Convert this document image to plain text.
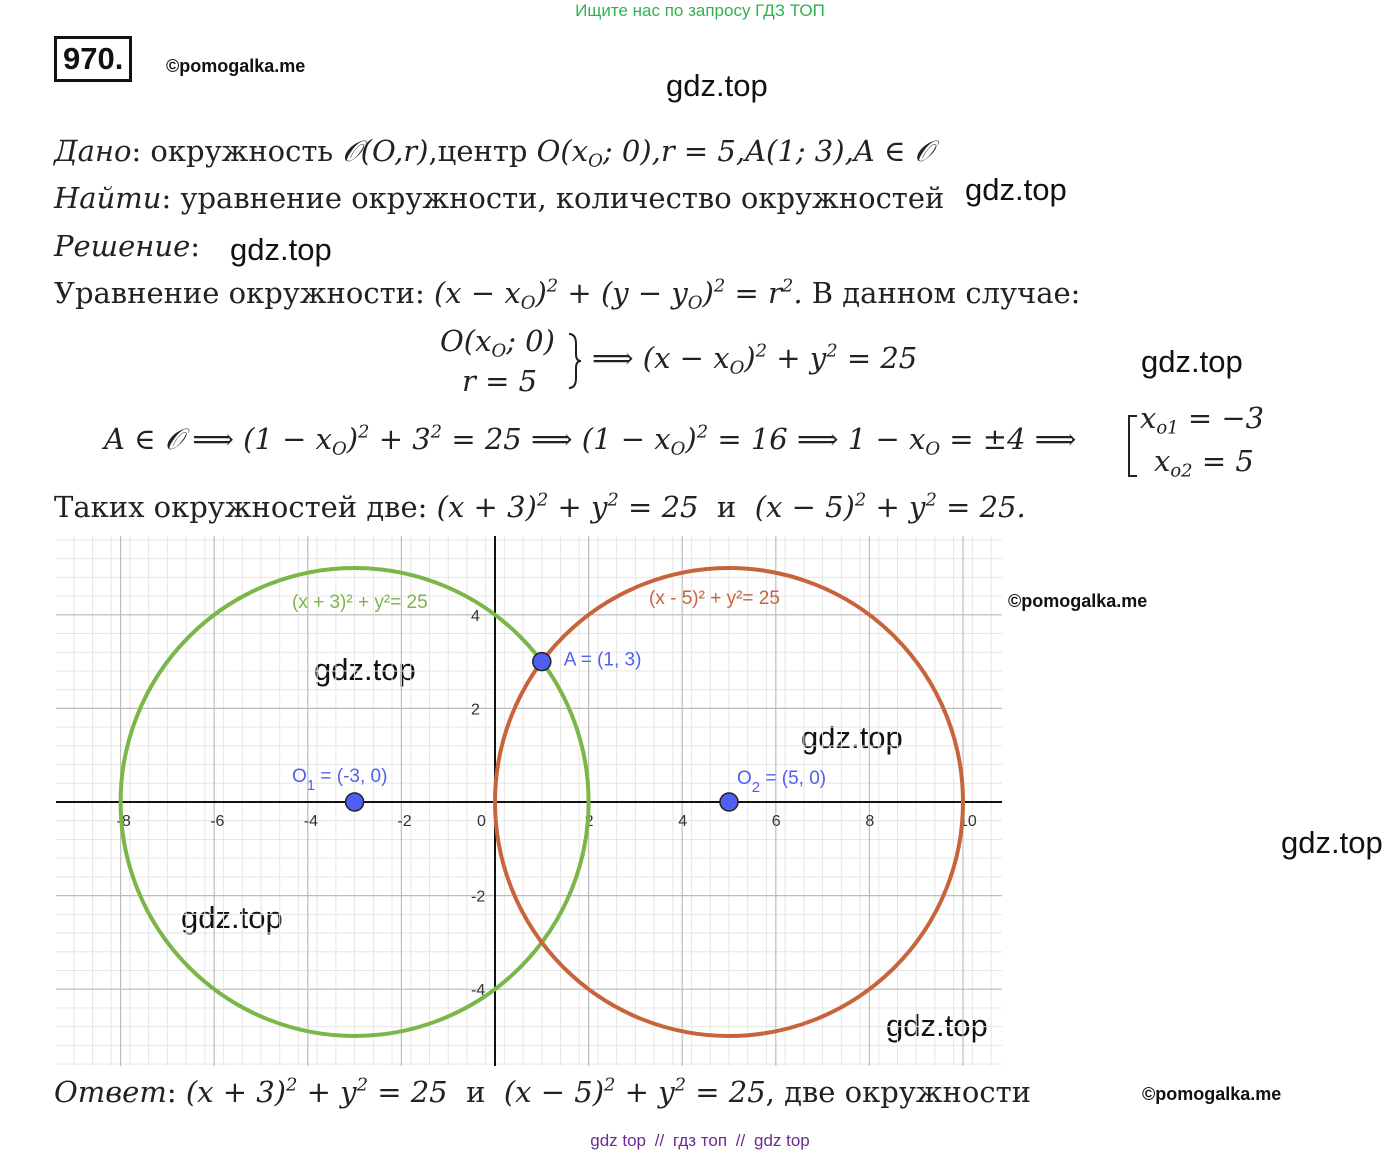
Ищите нас по запросу ГДЗ ТОП
970.	©pomogalka.me
gdz.top
gdz.top
gdz.top
gdz.top
gdz.top
gdz.top
gdz.top
gdz.top
gdz.top
Дано: окружность 𝒪(O,r),центр $O(x_O$; 0),r = 5,A(1; 3),A ∈ 𝒪
Найти: уравнение окружности, количество окружностей
Решение:
Уравнение окружности: $(x - x_O)^2 + (y - y_O)^2 = r^2$. В данном случае:
$O(x_O$; 0)
r = 5
⟹ $(x - x_O)^2 + y^2 = 25$
A ∈ 𝒪 ⟹ $(1 - x_O)^2 + 3^2 = 25$ ⟹ $(1 - x_O)^2 = 16$ ⟹ $1 - x_O = \pm 4$ ⟹
$x_{o1} = -3$
$x_{o2} = 5$
Таких окружностей две: $(x + 3)^2 + y^2 = 25$ и $(x - 5)^2 + y^2 = 25$.
-8	-6	-4	-2	0	2	4	6	8	10
4
2
-2
-4
(x + 3)² + y²= 25	(x - 5)² + y²= 25
A = (1, 3)
$O_1 = (-3$, 0)	$O_2 = (5$, 0)
©pomogalka.me
Ответ: $(x + 3)^2 + y^2 = 25$ и $(x - 5)^2 + y^2 = 25$, две окружности	©pomogalka.me
gdz top // гдз топ // gdz top
